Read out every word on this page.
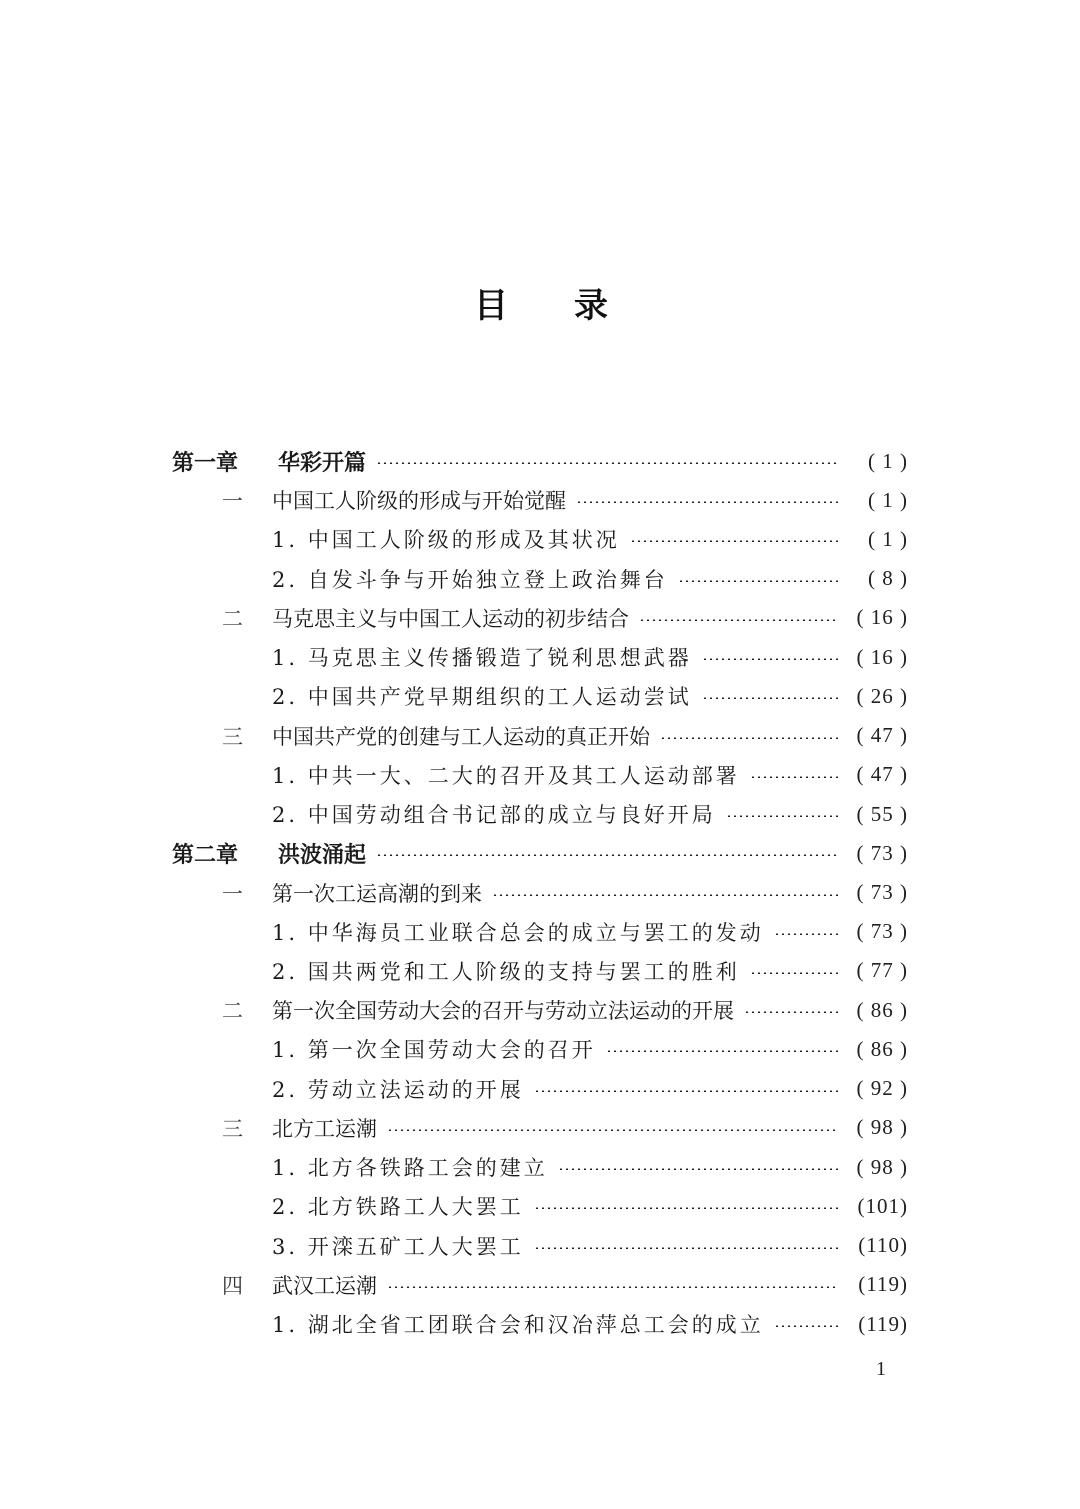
目 录
第一章	华彩开篇	( 1 )
一	中国工人阶级的形成与开始觉醒	( 1 )
1. 中国工人阶级的形成及其状况	( 1 )
2. 自发斗争与开始独立登上政治舞台	( 8 )
二	马克思主义与中国工人运动的初步结合	( 16 )
1. 马克思主义传播锻造了锐利思想武器	( 16 )
2. 中国共产党早期组织的工人运动尝试	( 26 )
三	中国共产党的创建与工人运动的真正开始	( 47 )
1. 中共一大、二大的召开及其工人运动部署	( 47 )
2. 中国劳动组合书记部的成立与良好开局	( 55 )
第二章	洪波涌起	( 73 )
一	第一次工运高潮的到来	( 73 )
1. 中华海员工业联合总会的成立与罢工的发动	( 73 )
2. 国共两党和工人阶级的支持与罢工的胜利	( 77 )
二	第一次全国劳动大会的召开与劳动立法运动的开展	( 86 )
1. 第一次全国劳动大会的召开	( 86 )
2. 劳动立法运动的开展	( 92 )
三	北方工运潮	( 98 )
1. 北方各铁路工会的建立	( 98 )
2. 北方铁路工人大罢工	(101)
3. 开滦五矿工人大罢工	(110)
四	武汉工运潮	(119)
1. 湖北全省工团联合会和汉冶萍总工会的成立	(119)
1
